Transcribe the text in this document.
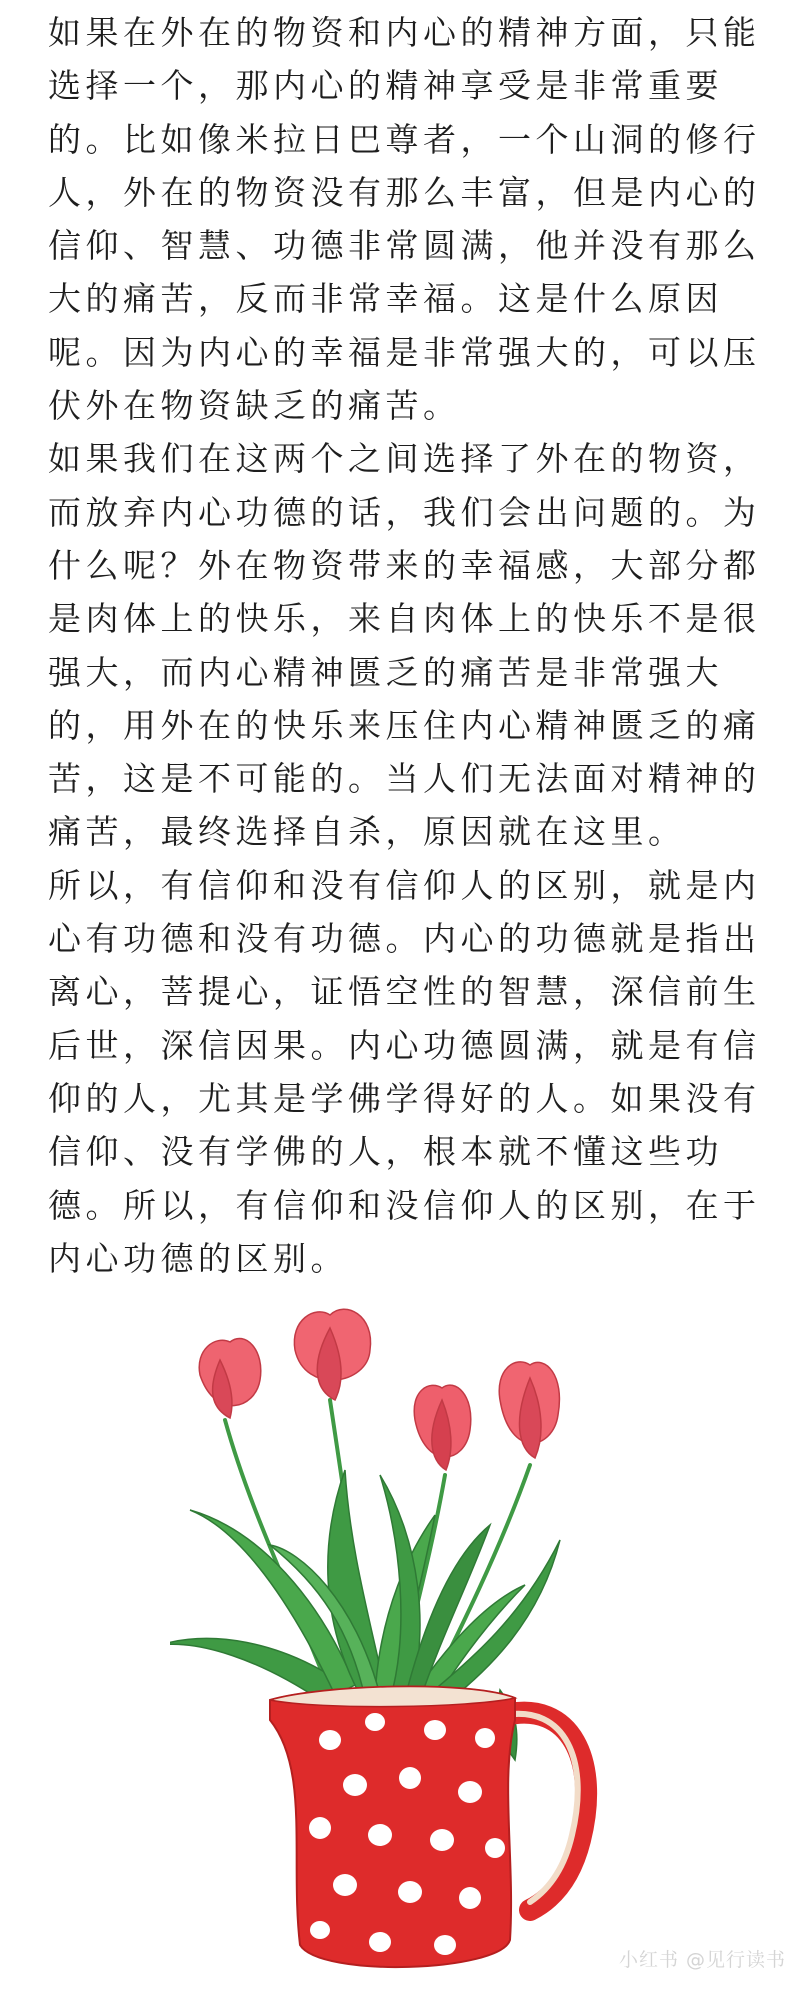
如果在外在的物资和内心的精神方面，只能
选择一个，那内心的精神享受是非常重要
的。比如像米拉日巴尊者，一个山洞的修行
人，外在的物资没有那么丰富，但是内心的
信仰、智慧、功德非常圆满，他并没有那么
大的痛苦，反而非常幸福。这是什么原因
呢。因为内心的幸福是非常强大的，可以压
伏外在物资缺乏的痛苦。
如果我们在这两个之间选择了外在的物资，
而放弃内心功德的话，我们会出问题的。为
什么呢？外在物资带来的幸福感，大部分都
是肉体上的快乐，来自肉体上的快乐不是很
强大，而内心精神匮乏的痛苦是非常强大
的，用外在的快乐来压住内心精神匮乏的痛
苦，这是不可能的。当人们无法面对精神的
痛苦，最终选择自杀，原因就在这里。
所以，有信仰和没有信仰人的区别，就是内
心有功德和没有功德。内心的功德就是指出
离心，菩提心，证悟空性的智慧，深信前生
后世，深信因果。内心功德圆满，就是有信
仰的人，尤其是学佛学得好的人。如果没有
信仰、没有学佛的人，根本就不懂这些功
德。所以，有信仰和没信仰人的区别，在于
内心功德的区别。
小红书 @见行读书
